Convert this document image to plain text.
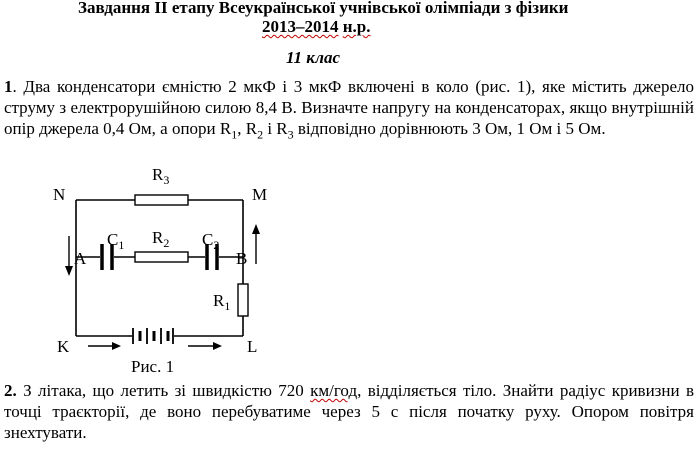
Завдання ІІ етапу Всеукраїнської учнівської олімпіади з фізики
2013–2014 н.р.
11 клас
1. Два конденсатори ємністю 2 мкФ і 3 мкФ включені в коло (рис. 1), яке містить джерело струму з електрорушійною силою 8,4 В. Визначте напругу на конденсаторах, якщо внутрішній опір джерела 0,4 Ом, а опори $R_1$, $R_2$ і $R_3$ відповідно дорівнюють 3 Ом, 1 Ом і 5 Ом.
N	M
K	L
A	B
$R_3$
$R_2$
$R_1$
$C_1$	$C_2$
Рис. 1
2. З літака, що летить зі швидкістю 720 км/год, відділяється тіло. Знайти радіус кривизни в точці траєкторії, де воно перебуватиме через 5 с після початку руху. Опором повітря знехтувати.
